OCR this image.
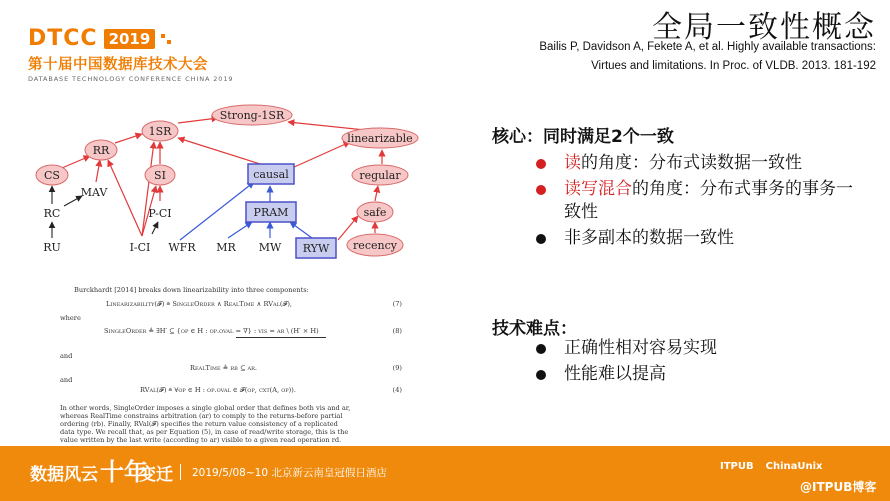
DTCC 2019
第十届中国数据库技术大会
DATABASE TECHNOLOGY CONFERENCE CHINA 2019
全局一致性概念
Bailis P, Davidson A, Fekete A, et al. Highly available transactions:
Virtues and limitations. In Proc. of VLDB. 2013. 181-192
Strong-1SR
1SR
linearizable
RR
CS	SI	regular
safe
recency
causal
PRAM
RYW
MAV
RC	P-CI
RU	I-CI WFR MR MW
Burckhardt [2014] breaks down linearizability into three components:
Linearizability(𝓕) ≜ SingleOrder ∧ RealTime ∧ RVal(𝓕),	(7)
where
SingleOrder ≜ ∃H′ ⊆ {op ∈ H : op.oval = ∇} : vis = ar \ (H′ × H)	(8)
and
RealTime ≜ rb ⊆ ar.	(9)
and
RVal(𝓕) ≜ ∀op ∈ H : op.oval ∈ 𝓕(op, cxt(A, op)).	(4)
In other words, SingleOrder imposes a single global order that defines both vis and ar,
whereas RealTime constrains arbitration (ar) to comply to the returns-before partial
ordering (rb). Finally, RVal(𝓕) specifies the return value consistency of a replicated
data type. We recall that, as per Equation (5), in case of read/write storage, this is the
value written by the last write (according to ar) visible to a given read operation rd.
核心：同时满足2个一致
读的角度：分布式读数据一致性
读写混合的角度：分布式事务的事务一致性
非多副本的数据一致性
技术难点：
正确性相对容易实现
性能难以提高
数据风云 十年
变迁 2019/5/08~10 北京新云南皇冠假日酒店
ITPUB ChinaUnix
@ITPUB博客
